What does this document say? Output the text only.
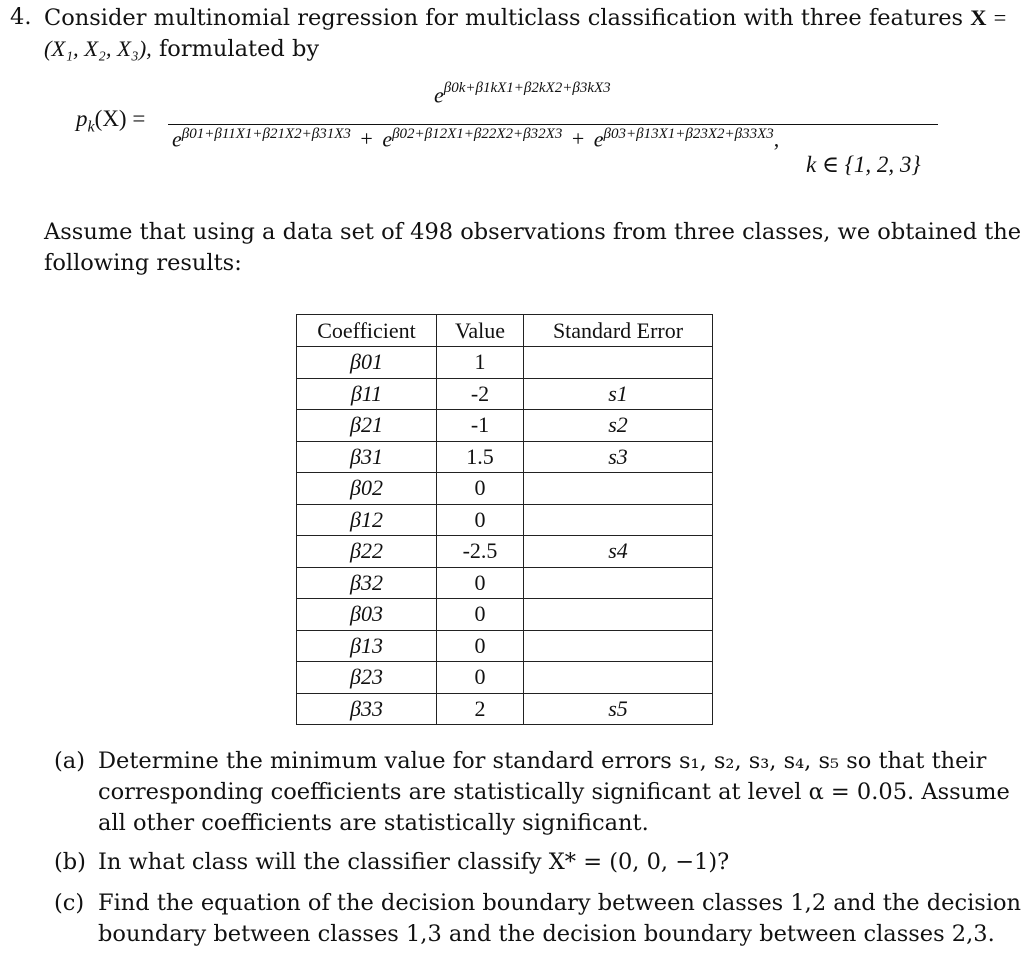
4. Consider multinomial regression for multiclass classification with three features X =
(X₁, X₂, X₃), formulated by
$p_k(X)$ =
$e^{\beta 0k+\beta 1kX1+\beta 2kX2+\beta 3kX3}$
$e^{\beta 01+\beta 11X1+\beta 21X2+\beta 31X3} + e^{\beta 02+\beta 12X1+\beta 22X2+\beta 32X3} + e^{\beta 03+\beta 13X1+\beta 23X2+\beta 33X3}$,
k ∈ {1, 2, 3}
Assume that using a data set of 498 observations from three classes, we obtained the
following results:
Coefficient	Value	Standard Error
β01	1	
β11	-2	s1
β21	-1	s2
β31	1.5	s3
β02	0	
β12	0	
β22	-2.5	s4
β32	0	
β03	0	
β13	0	
β23	0	
β33	2	s5
(a) Determine the minimum value for standard errors s₁, s₂, s₃, s₄, s₅ so that their
corresponding coefficients are statistically significant at level α = 0.05. Assume
all other coefficients are statistically significant.
(b) In what class will the classifier classify X* = (0, 0, −1)?
(c) Find the equation of the decision boundary between classes 1,2 and the decision
boundary between classes 1,3 and the decision boundary between classes 2,3.
